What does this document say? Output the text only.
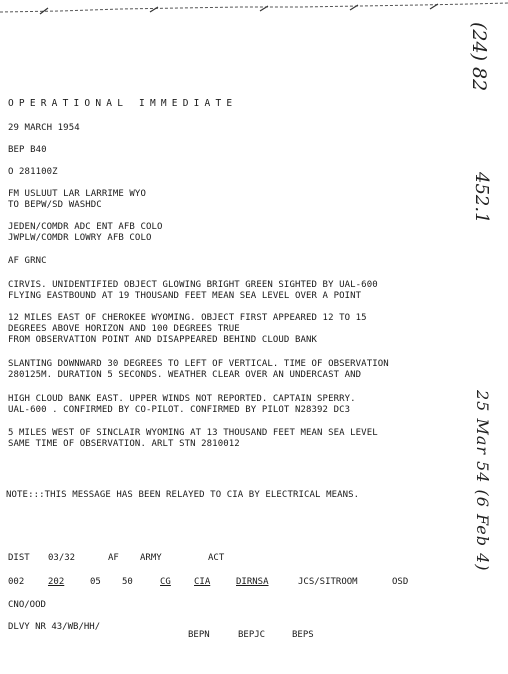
OPERATIONAL IMMEDIATE
29 MARCH 1954
BEP B40
O 281100Z
FM USLUUT LAR LARRIME WYO
TO BEPW/SD WASHDC
JEDEN/COMDR ADC ENT AFB COLO
JWPLW/COMDR LOWRY AFB COLO
AF GRNC
CIRVIS. UNIDENTIFIED OBJECT GLOWING BRIGHT GREEN SIGHTED BY UAL-600
FLYING EASTBOUND AT 19 THOUSAND FEET MEAN SEA LEVEL OVER A POINT
12 MILES EAST OF CHEROKEE WYOMING. OBJECT FIRST APPEARED 12 TO 15
DEGREES ABOVE HORIZON AND 100 DEGREES TRUE
FROM OBSERVATION POINT AND DISAPPEARED BEHIND CLOUD BANK
SLANTING DOWNWARD 30 DEGREES TO LEFT OF VERTICAL. TIME OF OBSERVATION
280125M. DURATION 5 SECONDS. WEATHER CLEAR OVER AN UNDERCAST AND
HIGH CLOUD BANK EAST. UPPER WINDS NOT REPORTED. CAPTAIN SPERRY.
UAL-600 . CONFIRMED BY CO-PILOT. CONFIRMED BY PILOT N28392 DC3
5 MILES WEST OF SINCLAIR WYOMING AT 13 THOUSAND FEET MEAN SEA LEVEL
SAME TIME OF OBSERVATION. ARLT STN 2810012
NOTE:::THIS MESSAGE HAS BEEN RELAYED TO CIA BY ELECTRICAL MEANS.
DIST 03/32	AF ARMY	ACT
002	202	05 50	CG	CIA	DIRNSA	JCS/SITROOM	OSD
CNO/OOD
DLVY NR 43/WB/HH/
BEPN	BEPJC	BEPS
(24) 82
452.1
25 Mar 54 (6 Feb 4)
